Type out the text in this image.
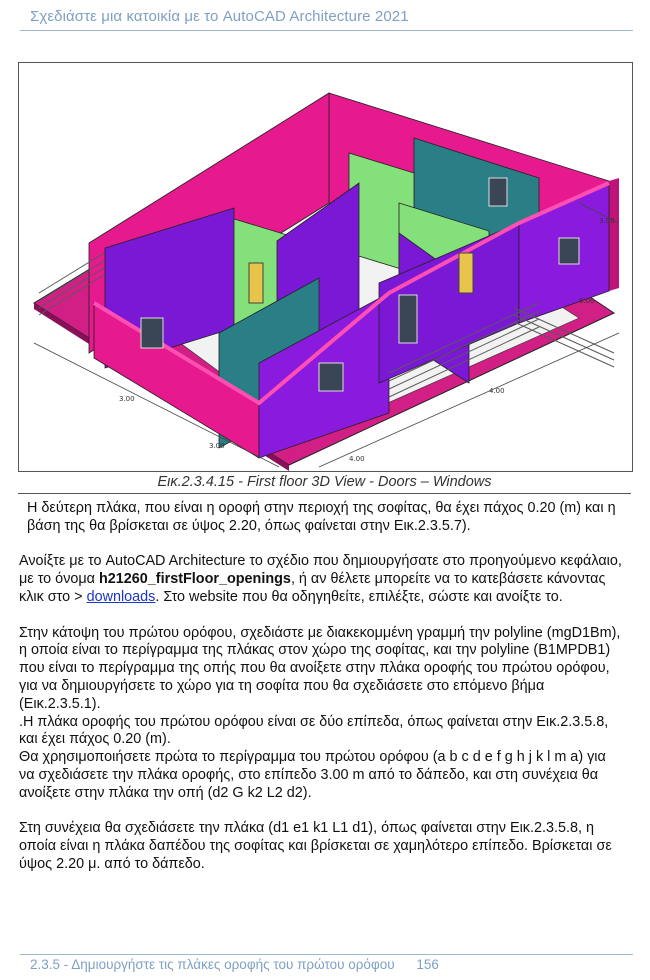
Σχεδιάστε μια κατοικία με το AutoCAD Architecture 2021
3.00
3.00
4.00
4.00
6.00
3.00
Εικ.2.3.4.15 - First floor 3D View - Doors – Windows

Η δεύτερη πλάκα, που είναι η οροφή στην περιοχή της σοφίτας, θα έχει πάχος 0.20 (m) και η βάση της θα βρίσκεται σε ύψος 2.20, όπως φαίνεται στην Εικ.2.3.5.7).

Ανοίξτε με το AutoCAD Architecture το σχέδιο που δημιουργήσατε στο προηγούμενο κεφάλαιο, με το όνομα h21260_firstFloor_openings, ή αν θέλετε μπορείτε να το κατεβάσετε κάνοντας κλικ στο > downloads. Στο website που θα οδηγηθείτε, επιλέξτε, σώστε και ανοίξτε το.

Στην κάτοψη του πρώτου ορόφου, σχεδιάστε με διακεκομμένη γραμμή την polyline (mgD1Bm), η οποία είναι το περίγραμμα της πλάκας στον χώρο της σοφίτας, και την polyline (B1MPDB1) που είναι το περίγραμμα της οπής που θα ανοίξετε στην πλάκα οροφής του πρώτου ορόφου, για να δημιουργήσετε το χώρο για τη σοφίτα που θα σχεδιάσετε στο επόμενο βήμα (Εικ.2.3.5.1).

.Η πλάκα οροφής του πρώτου ορόφου είναι σε δύο επίπεδα, όπως φαίνεται στην Εικ.2.3.5.8, και έχει πάχος 0.20 (m).

Θα χρησιμοποιήσετε πρώτα το περίγραμμα του πρώτου ορόφου (a b c d e f g h j k l m a) για να σχεδιάσετε την πλάκα οροφής, στο επίπεδο 3.00 m από το δάπεδο, και στη συνέχεια θα ανοίξετε στην πλάκα την οπή (d2 G k2 L2 d2).

Στη συνέχεια θα σχεδιάσετε την πλάκα (d1 e1 k1 L1 d1), όπως φαίνεται στην Εικ.2.3.5.8, η οποία είναι η πλάκα δαπέδου της σοφίτας και βρίσκεται σε χαμηλότερο επίπεδο. Βρίσκεται σε ύψος 2.20 μ. από το δάπεδο.

2.3.5 - Δημιουργήστε τις πλάκες οροφής του πρώτου ορόφου 156
